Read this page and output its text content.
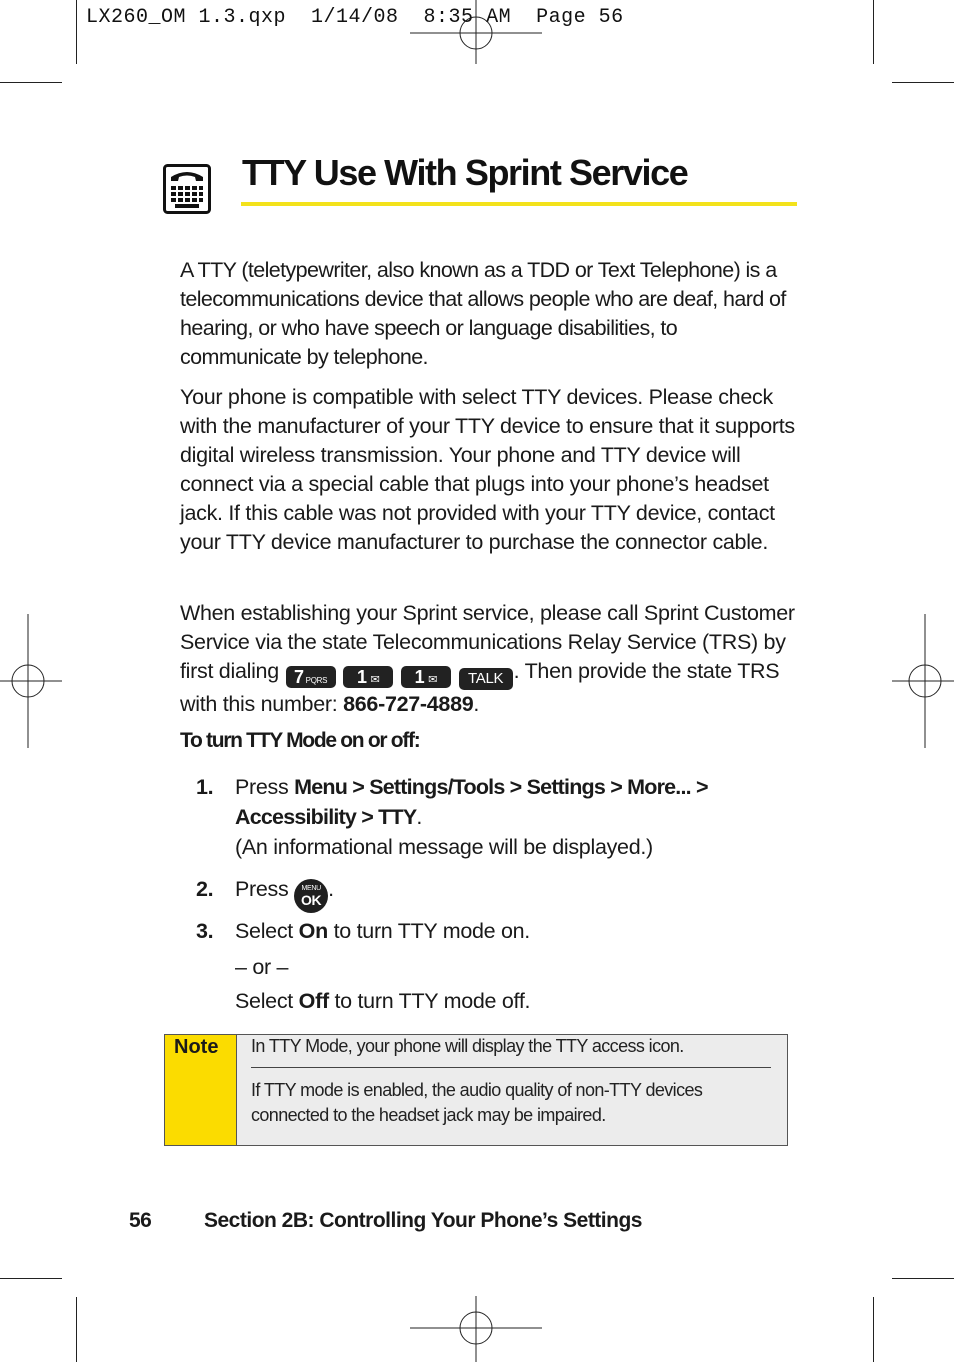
LX260_OM 1.3.qxp  1/14/08  8:35 AM  Page 56
TTY Use With Sprint Service
A TTY (teletypewriter, also known as a TDD or Text Telephone) is a telecommunications device that allows people who are deaf, hard of hearing, or who have speech or language disabilities, to communicate by telephone.
Your phone is compatible with select TTY devices. Please check with the manufacturer of your TTY device to ensure that it supports digital wireless transmission. Your phone and TTY device will connect via a special cable that plugs into your phone’s headset jack. If this cable was not provided with your TTY device, contact your TTY device manufacturer to purchase the connector cable.
When establishing your Sprint service, please call Sprint Customer Service via the state Telecommunications Relay Service (TRS) by first dialing 7 PQRS 1 ✉ 1 ✉ TALK . Then provide the state TRS with this number: 866-727-4889.
To turn TTY Mode on or off:
1. Press Menu > Settings/Tools > Settings > More... > Accessibility > TTY.
(An informational message will be displayed.)
2. Press	MENU
OK .
3. Select On to turn TTY mode on.
– or –
Select Off to turn TTY mode off.
Note In TTY Mode, your phone will display the TTY access icon.
If TTY mode is enabled, the audio quality of non-TTY devices connected to the headset jack may be impaired.
56	Section 2B: Controlling Your Phone’s Settings
